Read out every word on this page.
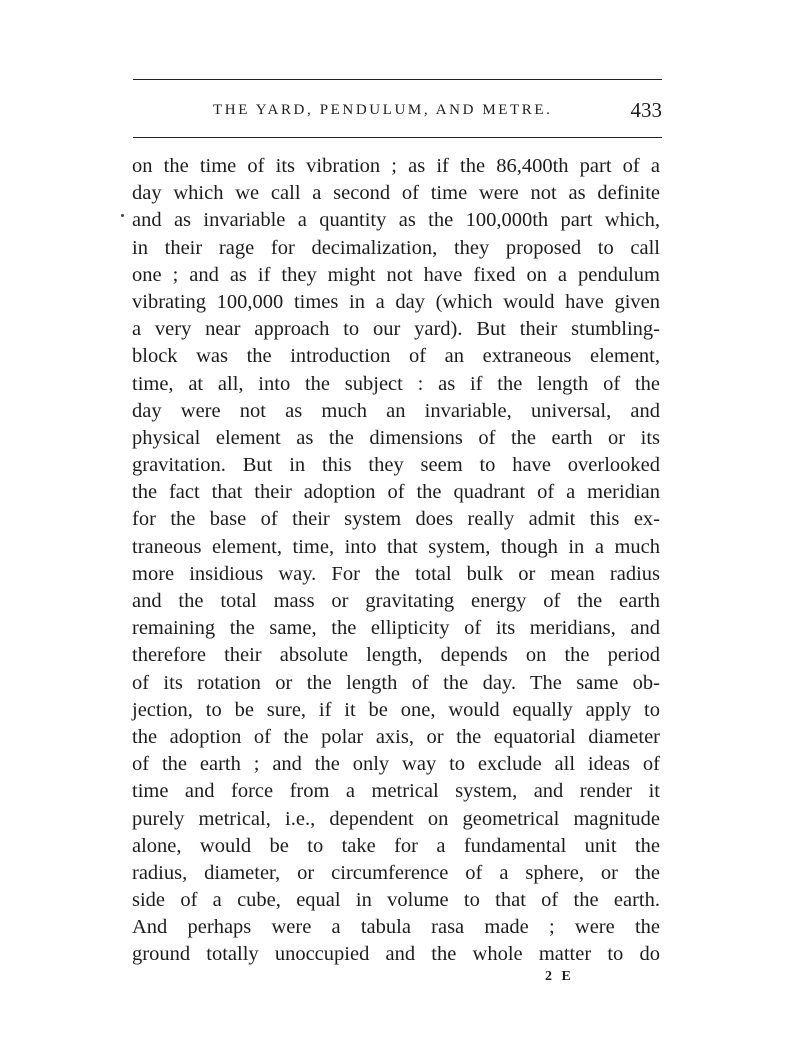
THE YARD, PENDULUM, AND METRE.	433
on the time of its vibration ; as if the 86,400th part of a
day which we call a second of time were not as definite
and as invariable a quantity as the 100,000th part which,
in their rage for decimalization, they proposed to call
one ; and as if they might not have fixed on a pendulum
vibrating 100,000 times in a day (which would have given
a very near approach to our yard). But their stumbling-
block was the introduction of an extraneous element,
time, at all, into the subject : as if the length of the
day were not as much an invariable, universal, and
physical element as the dimensions of the earth or its
gravitation. But in this they seem to have overlooked
the fact that their adoption of the quadrant of a meridian
for the base of their system does really admit this ex-
traneous element, time, into that system, though in a much
more insidious way. For the total bulk or mean radius
and the total mass or gravitating energy of the earth
remaining the same, the ellipticity of its meridians, and
therefore their absolute length, depends on the period
of its rotation or the length of the day. The same ob-
jection, to be sure, if it be one, would equally apply to
the adoption of the polar axis, or the equatorial diameter
of the earth ; and the only way to exclude all ideas of
time and force from a metrical system, and render it
purely metrical, i.e., dependent on geometrical magnitude
alone, would be to take for a fundamental unit the
radius, diameter, or circumference of a sphere, or the
side of a cube, equal in volume to that of the earth.
And perhaps were a tabula rasa made ; were the
ground totally unoccupied and the whole matter to do
2 E
